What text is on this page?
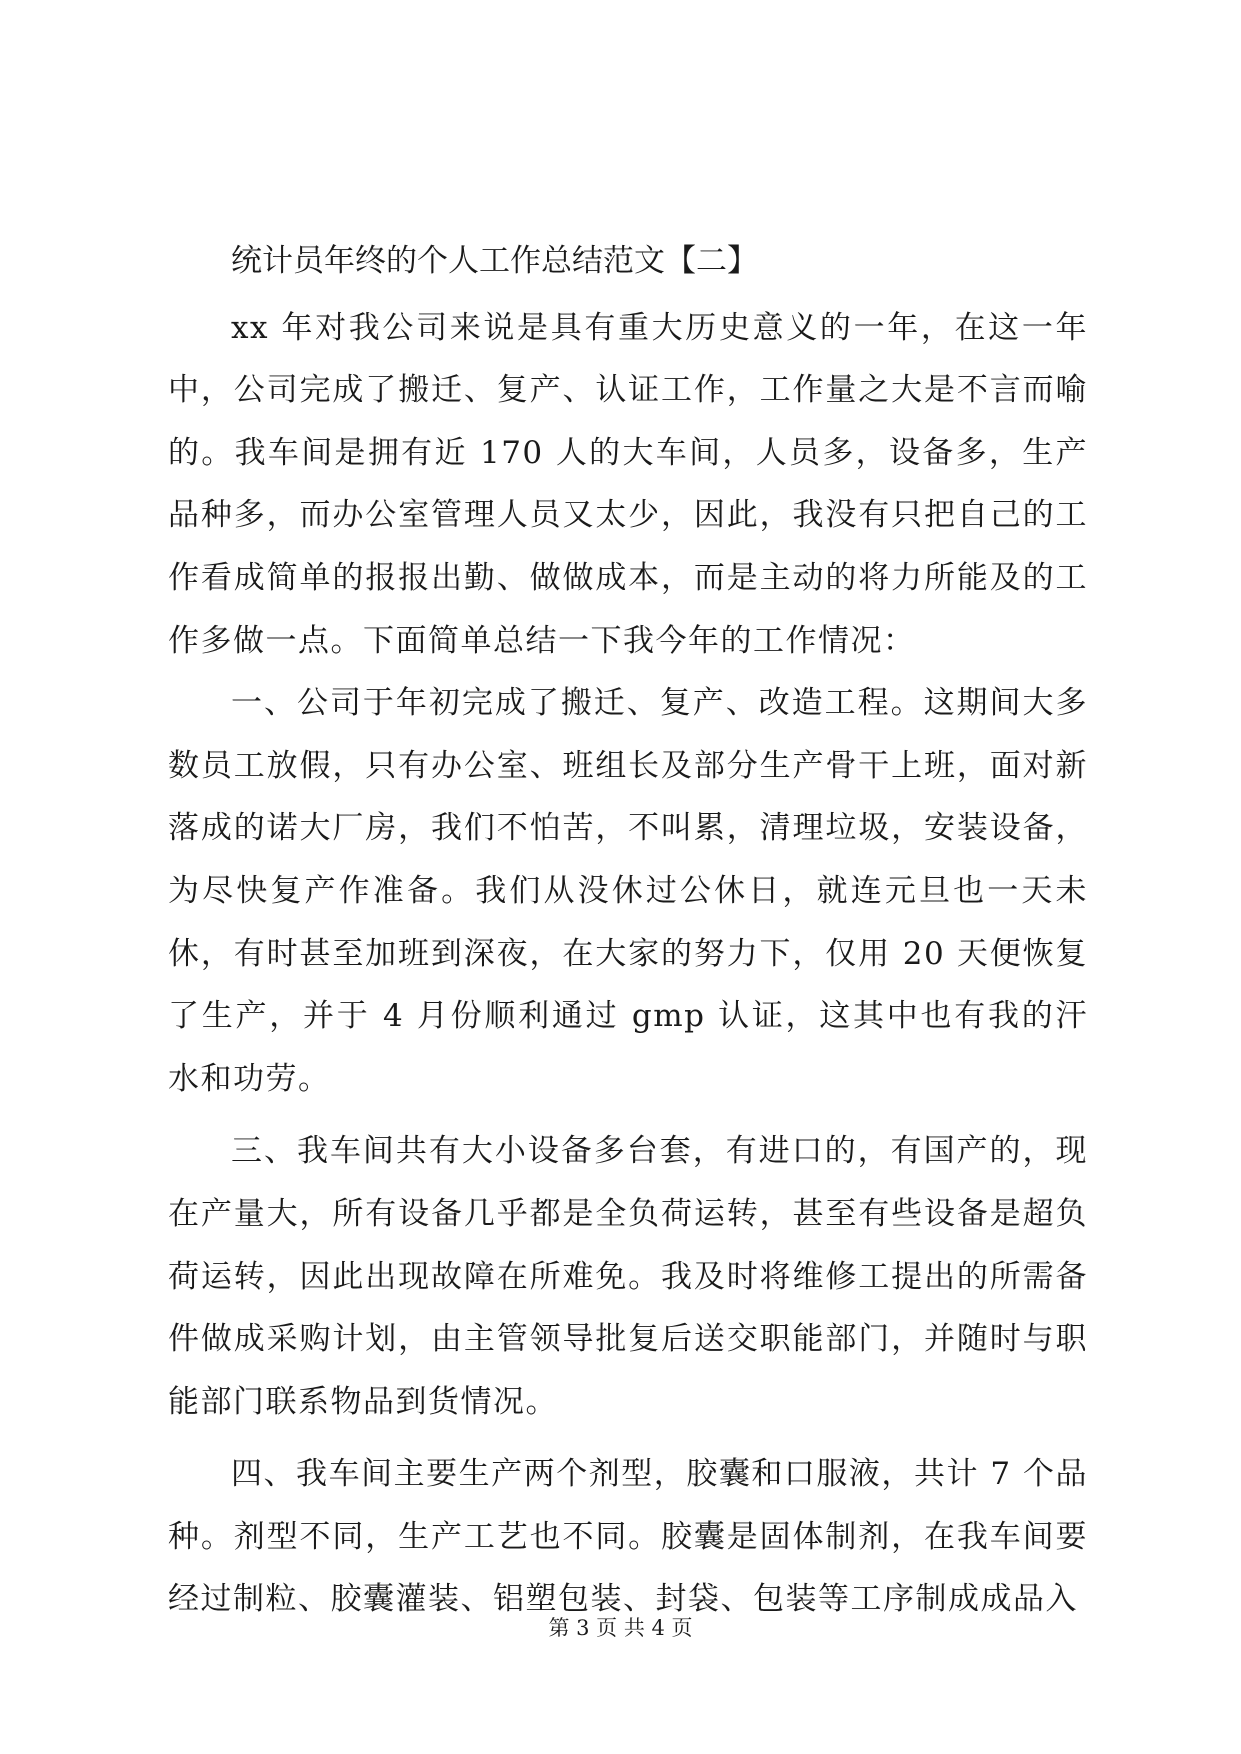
统计员年终的个人工作总结范文【二】

xx 年对我公司来说是具有重大历史意义的一年，在这一年中，公司完成了搬迁、复产、认证工作，工作量之大是不言而喻的。我车间是拥有近 170 人的大车间，人员多，设备多，生产品种多，而办公室管理人员又太少，因此，我没有只把自己的工作看成简单的报报出勤、做做成本，而是主动的将力所能及的工作多做一点。下面简单总结一下我今年的工作情况：

一、公司于年初完成了搬迁、复产、改造工程。这期间大多数员工放假，只有办公室、班组长及部分生产骨干上班，面对新落成的诺大厂房，我们不怕苦，不叫累，清理垃圾，安装设备，为尽快复产作准备。我们从没休过公休日，就连元旦也一天未休，有时甚至加班到深夜，在大家的努力下，仅用 20 天便恢复了生产，并于 4 月份顺利通过 gmp 认证，这其中也有我的汗水和功劳。

三、我车间共有大小设备多台套，有进口的，有国产的，现在产量大，所有设备几乎都是全负荷运转，甚至有些设备是超负荷运转，因此出现故障在所难免。我及时将维修工提出的所需备件做成采购计划，由主管领导批复后送交职能部门，并随时与职能部门联系物品到货情况。

四、我车间主要生产两个剂型，胶囊和口服液，共计 7 个品种。剂型不同，生产工艺也不同。胶囊是固体制剂，在我车间要经过制粒、胶囊灌装、铝塑包装、封袋、包装等工序制成成品入

第 3 页 共 4 页
